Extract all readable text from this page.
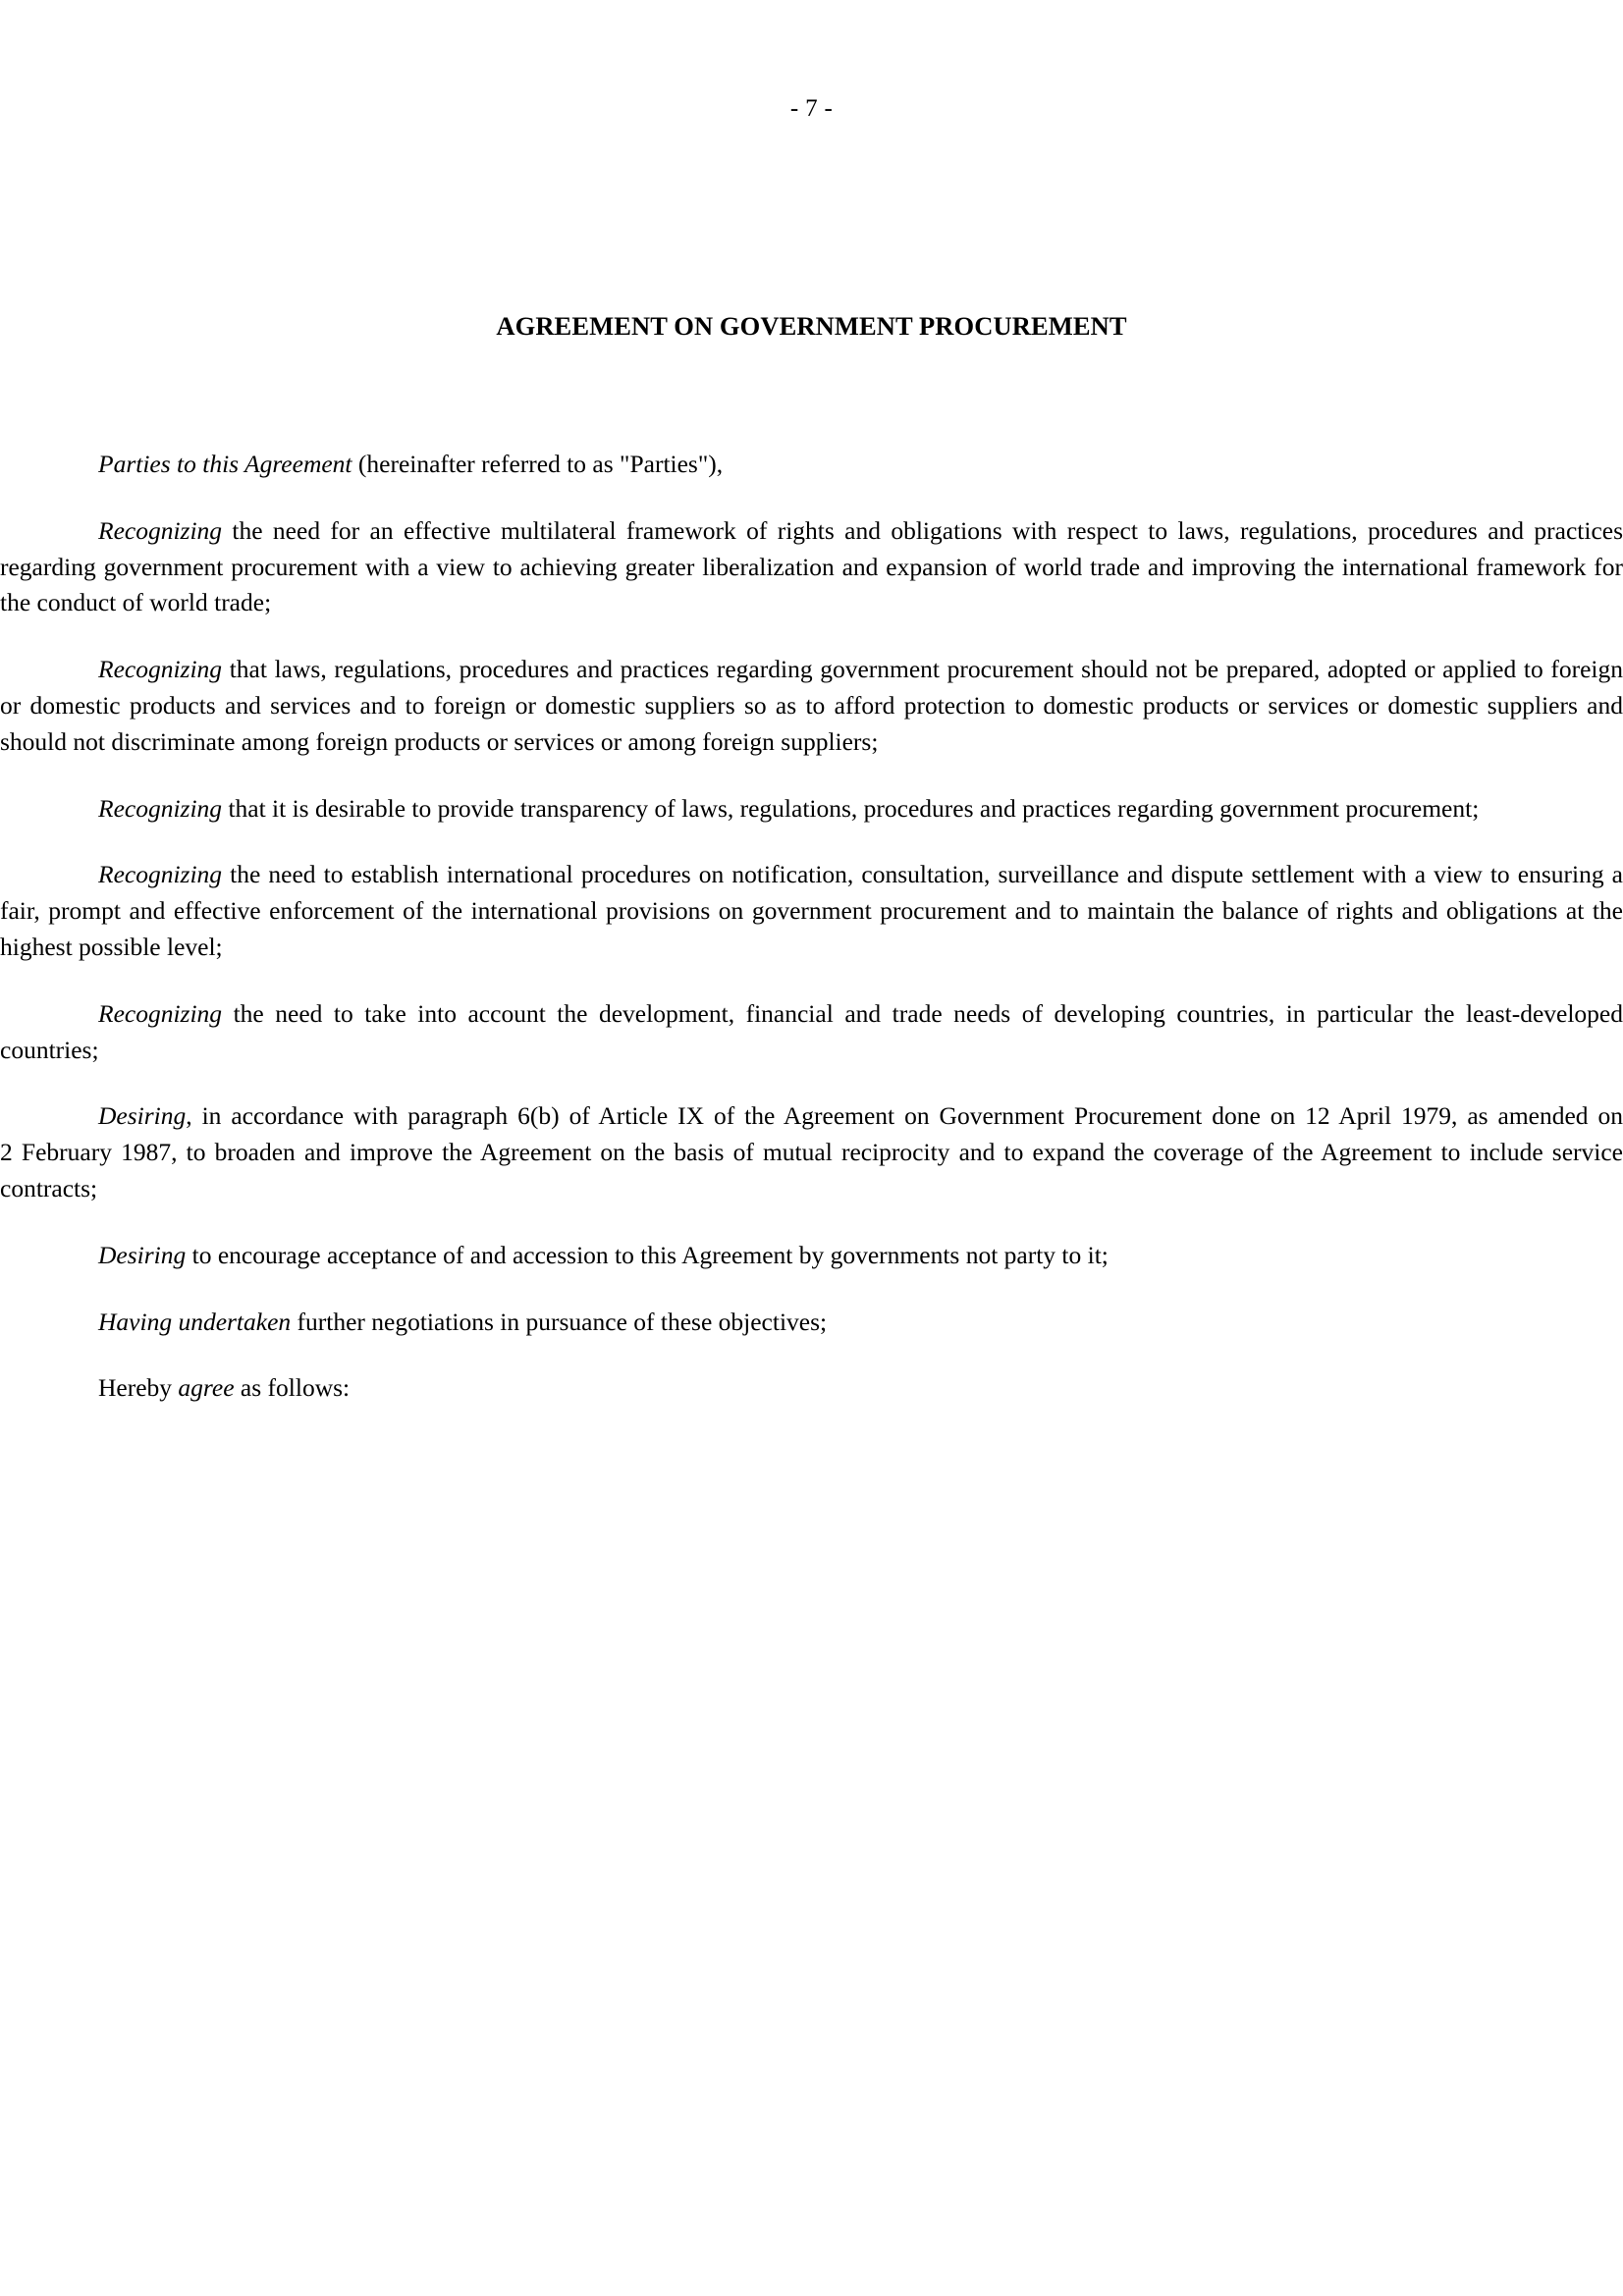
- 7 -
AGREEMENT ON GOVERNMENT PROCUREMENT

Parties to this Agreement (hereinafter referred to as "Parties"),

Recognizing the need for an effective multilateral framework of rights and obligations with respect to laws, regulations, procedures and practices regarding government procurement with a view to achieving greater liberalization and expansion of world trade and improving the international framework for the conduct of world trade;

Recognizing that laws, regulations, procedures and practices regarding government procurement should not be prepared, adopted or applied to foreign or domestic products and services and to foreign or domestic suppliers so as to afford protection to domestic products or services or domestic suppliers and should not discriminate among foreign products or services or among foreign suppliers;

Recognizing that it is desirable to provide transparency of laws, regulations, procedures and practices regarding government procurement;

Recognizing the need to establish international procedures on notification, consultation, surveillance and dispute settlement with a view to ensuring a fair, prompt and effective enforcement of the international provisions on government procurement and to maintain the balance of rights and obligations at the highest possible level;

Recognizing the need to take into account the development, financial and trade needs of developing countries, in particular the least-developed countries;

Desiring, in accordance with paragraph 6(b) of Article IX of the Agreement on Government Procurement done on 12 April 1979, as amended on 2 February 1987, to broaden and improve the Agreement on the basis of mutual reciprocity and to expand the coverage of the Agreement to include service contracts;

Desiring to encourage acceptance of and accession to this Agreement by governments not party to it;

Having undertaken further negotiations in pursuance of these objectives;

Hereby agree as follows:
